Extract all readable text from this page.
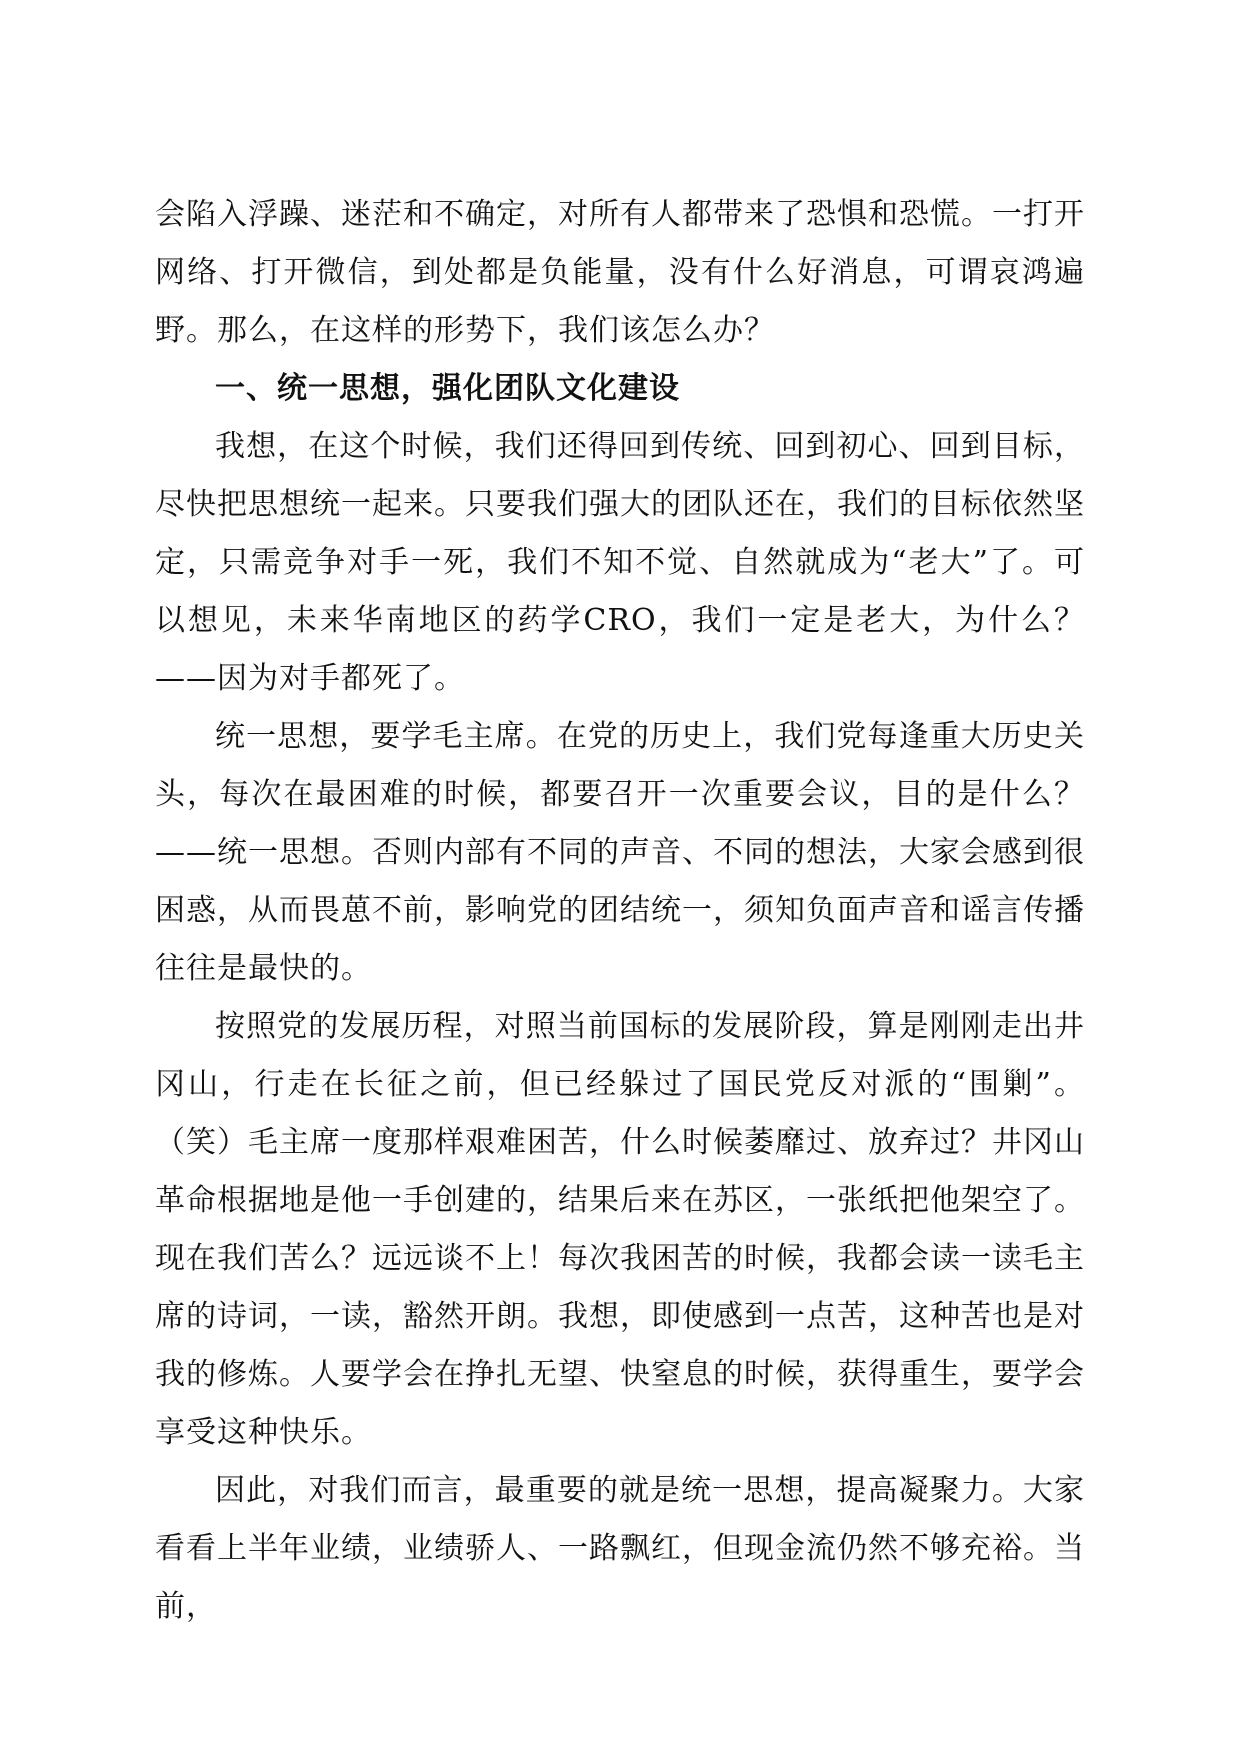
会陷入浮躁、迷茫和不确定，对所有人都带来了恐惧和恐慌。一打开网络、打开微信，到处都是负能量，没有什么好消息，可谓哀鸿遍野。那么，在这样的形势下，我们该怎么办？

一、统一思想，强化团队文化建设

我想，在这个时候，我们还得回到传统、回到初心、回到目标，尽快把思想统一起来。只要我们强大的团队还在，我们的目标依然坚定，只需竞争对手一死，我们不知不觉、自然就成为“老大”了。可以想见，未来华南地区的药学CRO，我们一定是老大，为什么？——因为对手都死了。

统一思想，要学毛主席。在党的历史上，我们党每逢重大历史关头，每次在最困难的时候，都要召开一次重要会议，目的是什么？——统一思想。否则内部有不同的声音、不同的想法，大家会感到很困惑，从而畏葸不前，影响党的团结统一，须知负面声音和谣言传播往往是最快的。

按照党的发展历程，对照当前国标的发展阶段，算是刚刚走出井冈山，行走在长征之前，但已经躲过了国民党反对派的“围剿”。（笑）毛主席一度那样艰难困苦，什么时候萎靡过、放弃过？井冈山革命根据地是他一手创建的，结果后来在苏区，一张纸把他架空了。现在我们苦么？远远谈不上！每次我困苦的时候，我都会读一读毛主席的诗词，一读，豁然开朗。我想，即使感到一点苦，这种苦也是对我的修炼。人要学会在挣扎无望、快窒息的时候，获得重生，要学会享受这种快乐。

因此，对我们而言，最重要的就是统一思想，提高凝聚力。大家看看上半年业绩，业绩骄人、一路飘红，但现金流仍然不够充裕。当前，
